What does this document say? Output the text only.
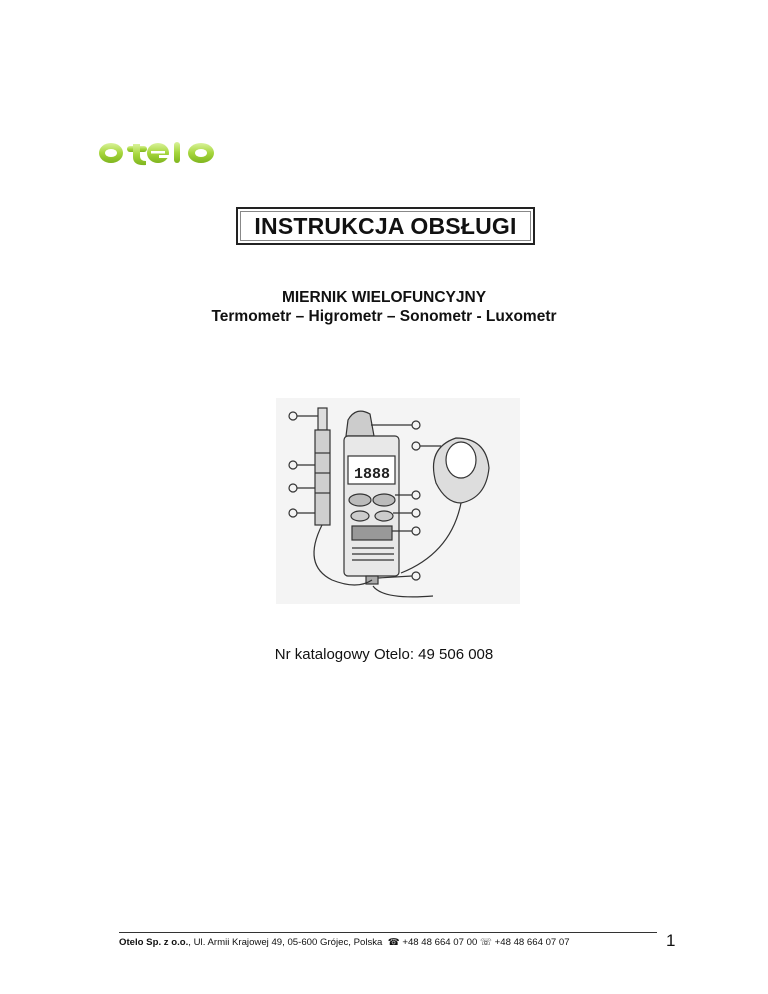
otelo
INSTRUKCJA OBSŁUGI
MIERNIK WIELOFUNCYJNY
Termometr – Higrometr – Sonometr - Luxometr
1888
Nr katalogowy Otelo: 49 506 008
Otelo Sp. z o.o., Ul. Armii Krajowej 49, 05-600 Grójec, Polska  ☎ +48 48 664 07 00 ☏ +48 48 664 07 07	1
